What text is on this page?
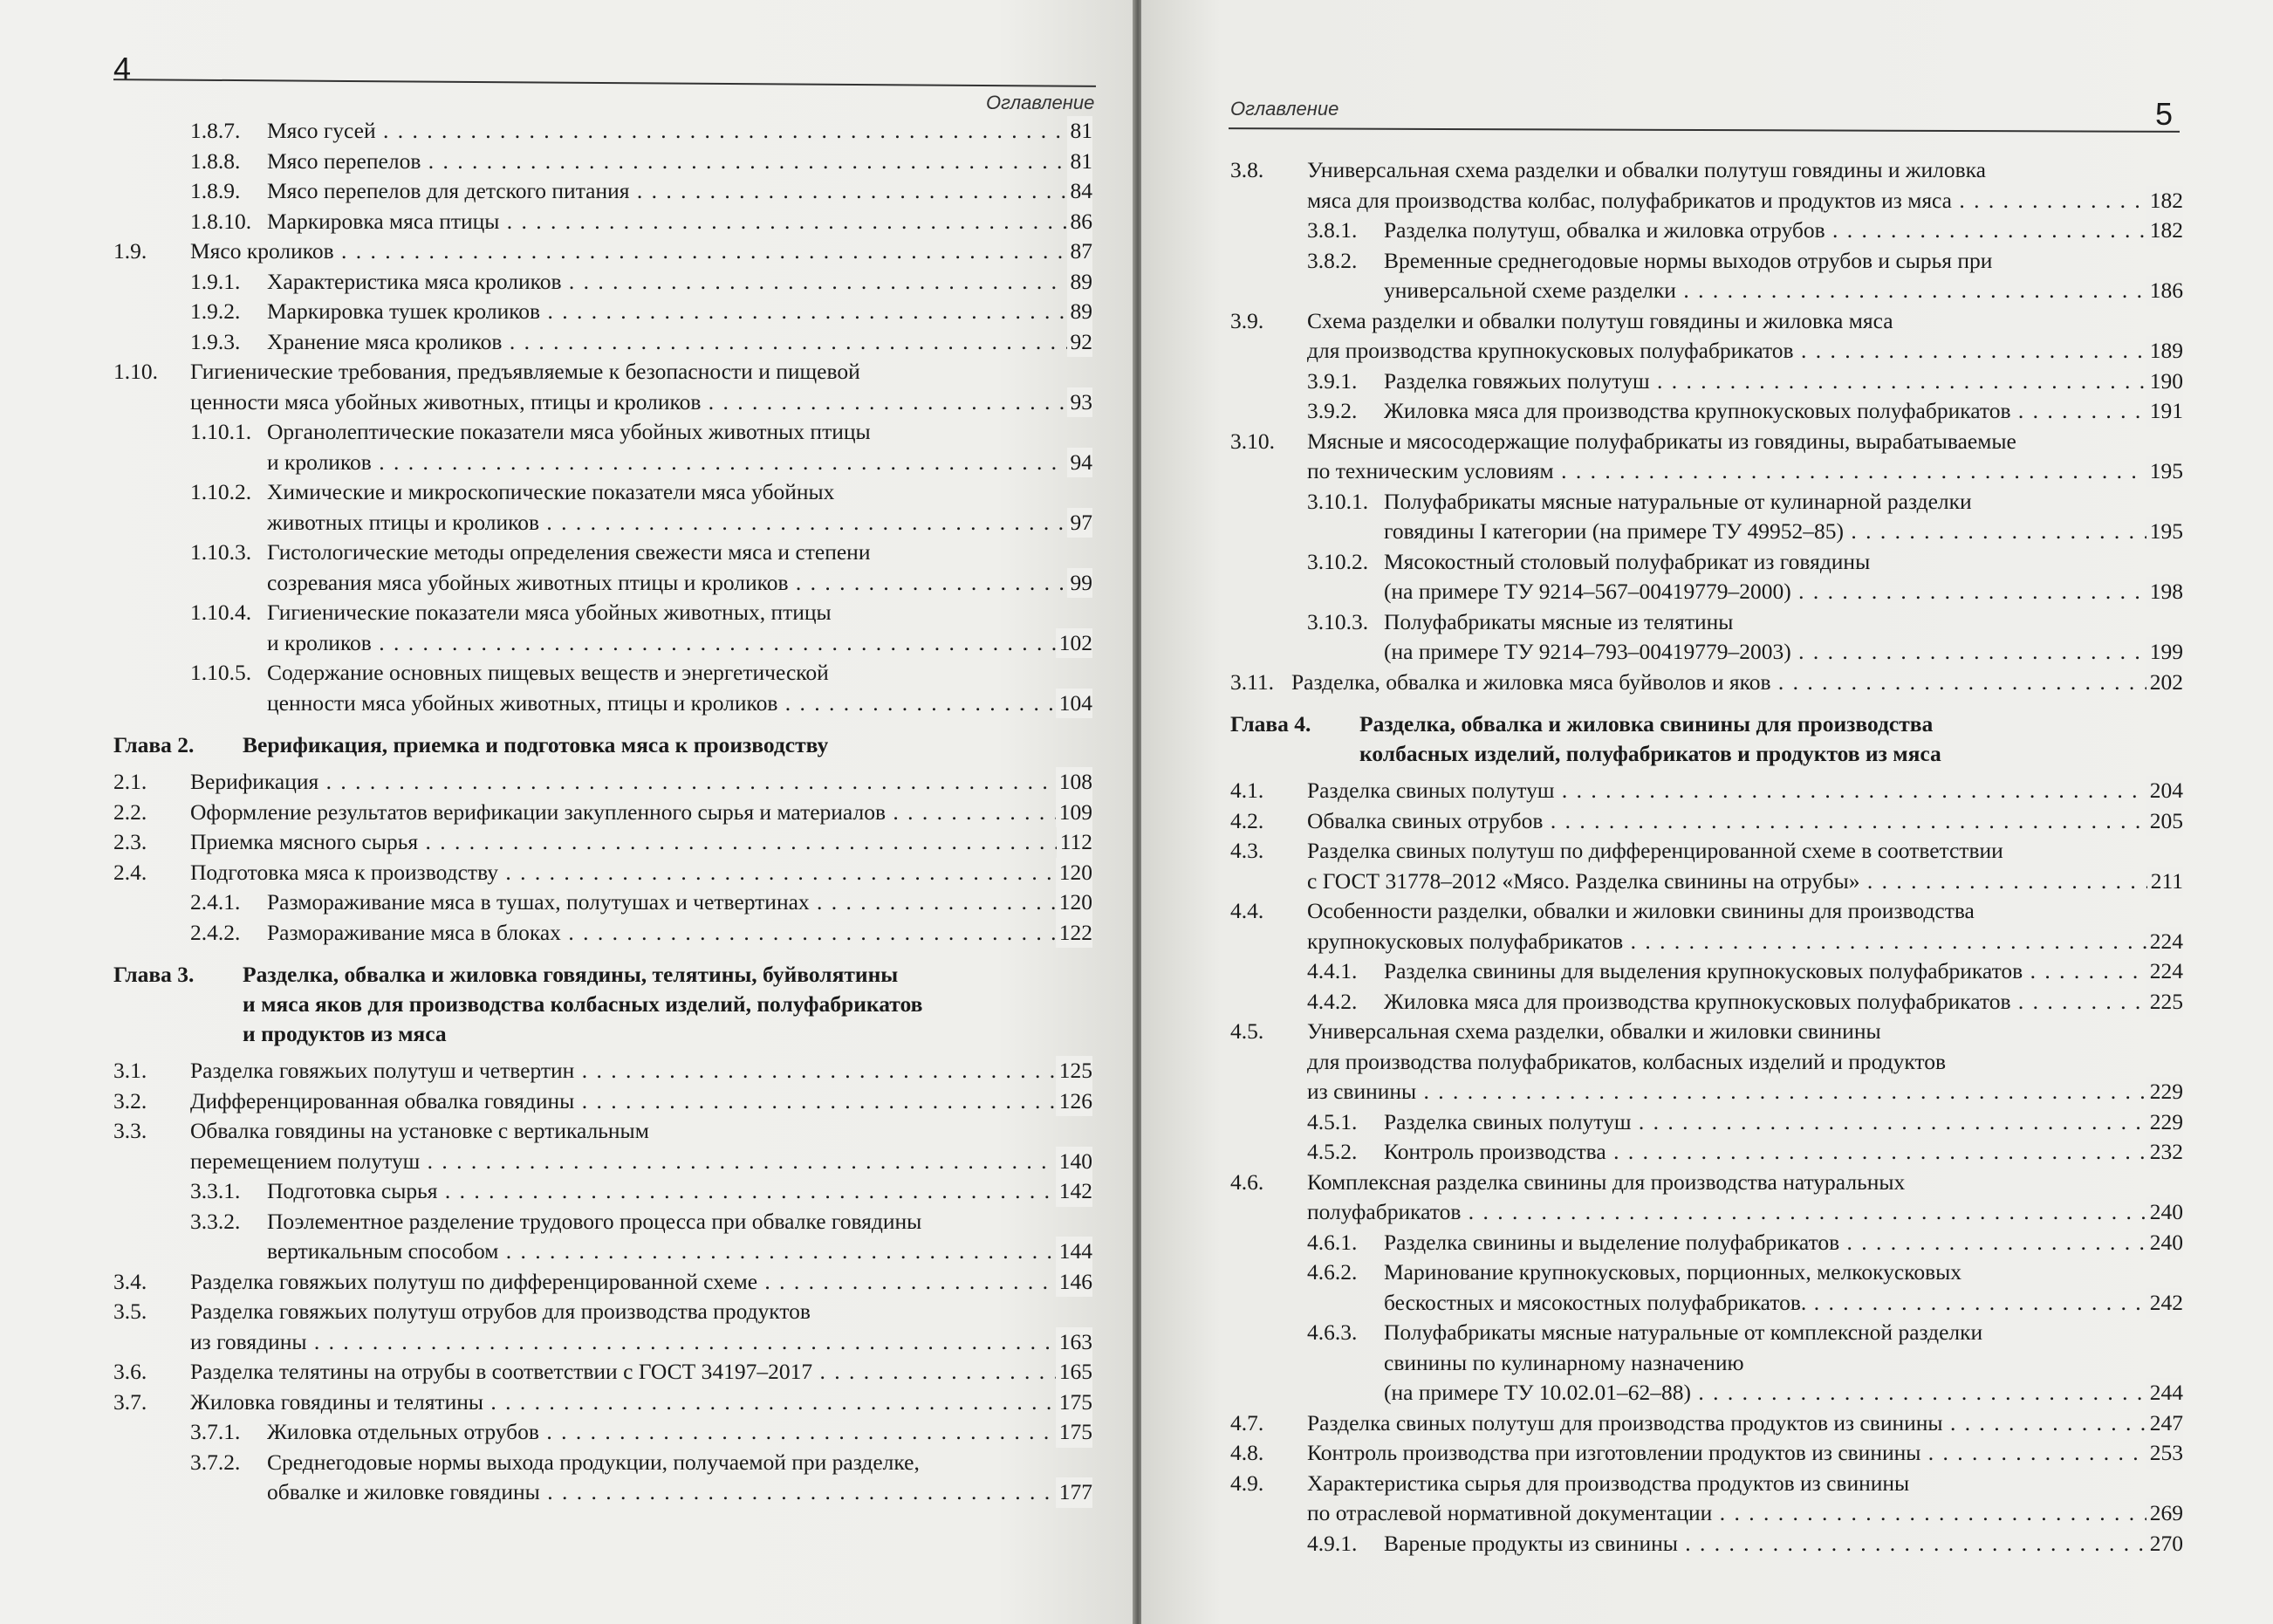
4
Оглавление
1.8.7. Мясо гусей . . .	81
1.8.8. Мясо перепелов . . .	81
1.8.9. Мясо перепелов для детского питания . . .	84
1.8.10. Маркировка мяса птицы . . .	86
1.9. Мясо кроликов . . .	87
1.9.1. Характеристика мяса кроликов . . .	89
1.9.2. Маркировка тушек кроликов . . .	89
1.9.3. Хранение мяса кроликов . . .	92
1.10. Гигиенические требования, предъявляемые к безопасности и пищевой
ценности мяса убойных животных, птицы и кроликов . . .	93
1.10.1. Органолептические показатели мяса убойных животных птицы
и кроликов . . .	94
1.10.2. Химические и микроскопические показатели мяса убойных
животных птицы и кроликов . . .	97
1.10.3. Гистологические методы определения свежести мяса и степени
созревания мяса убойных животных птицы и кроликов . . .	99
1.10.4. Гигиенические показатели мяса убойных животных, птицы
и кроликов . . .	102
1.10.5. Содержание основных пищевых веществ и энергетической
ценности мяса убойных животных, птицы и кроликов . . .	104
Глава 2. Верификация, приемка и подготовка мяса к производству
2.1. Верификация . . .	108
2.2. Оформление результатов верификации закупленного сырья и материалов . . .	109
2.3. Приемка мясного сырья . . .	112
2.4. Подготовка мяса к производству . . .	120
2.4.1. Размораживание мяса в тушах, полутушах и четвертинах . . .	120
2.4.2. Размораживание мяса в блоках . . .	122
Глава 3. Разделка, обвалка и жиловка говядины, телятины, буйволятины
и мяса яков для производства колбасных изделий, полуфабрикатов
и продуктов из мяса
3.1. Разделка говяжьих полутуш и четвертин . . .	125
3.2. Дифференцированная обвалка говядины . . .	126
3.3. Обвалка говядины на установке с вертикальным
перемещением полутуш . . .	140
3.3.1. Подготовка сырья . . .	142
3.3.2. Поэлементное разделение трудового процесса при обвалке говядины
вертикальным способом . . .	144
3.4. Разделка говяжьих полутуш по дифференцированной схеме . . .	146
3.5. Разделка говяжьих полутуш отрубов для производства продуктов
из говядины . . .	163
3.6. Разделка телятины на отрубы в соответствии с ГОСТ 34197–2017 . . .	165
3.7. Жиловка говядины и телятины . . .	175
3.7.1. Жиловка отдельных отрубов . . .	175
3.7.2. Среднегодовые нормы выхода продукции, получаемой при разделке,
обвалке и жиловке говядины . . .	177
Оглавление	5
3.8. Универсальная схема разделки и обвалки полутуш говядины и жиловка
мяса для производства колбас, полуфабрикатов и продуктов из мяса . . .	182
3.8.1. Разделка полутуш, обвалка и жиловка отрубов . . .	182
3.8.2. Временные среднегодовые нормы выходов отрубов и сырья при
универсальной схеме разделки . . .	186
3.9. Схема разделки и обвалки полутуш говядины и жиловка мяса
для производства крупнокусковых полуфабрикатов . . .	189
3.9.1. Разделка говяжьих полутуш . . .	190
3.9.2. Жиловка мяса для производства крупнокусковых полуфабрикатов . . .	191
3.10. Мясные и мясосодержащие полуфабрикаты из говядины, вырабатываемые
по техническим условиям . . .	195
3.10.1. Полуфабрикаты мясные натуральные от кулинарной разделки
говядины I категории (на примере ТУ 49952–85) . . .	195
3.10.2. Мясокостный столовый полуфабрикат из говядины
(на примере ТУ 9214–567–00419779–2000) . . .	198
3.10.3. Полуфабрикаты мясные из телятины
(на примере ТУ 9214–793–00419779–2003) . . .	199
3.11. Разделка, обвалка и жиловка мяса буйволов и яков . . .	202
Глава 4. Разделка, обвалка и жиловка свинины для производства
колбасных изделий, полуфабрикатов и продуктов из мяса
4.1. Разделка свиных полутуш . . .	204
4.2. Обвалка свиных отрубов . . .	205
4.3. Разделка свиных полутуш по дифференцированной схеме в соответствии
с ГОСТ 31778–2012 «Мясо. Разделка свинины на отрубы» . . .	211
4.4. Особенности разделки, обвалки и жиловки свинины для производства
крупнокусковых полуфабрикатов . . .	224
4.4.1. Разделка свинины для выделения крупнокусковых полуфабрикатов . . .	224
4.4.2. Жиловка мяса для производства крупнокусковых полуфабрикатов . . .	225
4.5. Универсальная схема разделки, обвалки и жиловки свинины
для производства полуфабрикатов, колбасных изделий и продуктов
из свинины . . .	229
4.5.1. Разделка свиных полутуш . . .	229
4.5.2. Контроль производства . . .	232
4.6. Комплексная разделка свинины для производства натуральных
полуфабрикатов . . .	240
4.6.1. Разделка свинины и выделение полуфабрикатов . . .	240
4.6.2. Маринование крупнокусковых, порционных, мелкокусковых
бескостных и мясокостных полуфабрикатов. . . .	242
4.6.3. Полуфабрикаты мясные натуральные от комплексной разделки
свинины по кулинарному назначению
(на примере ТУ 10.02.01–62–88) . . .	244
4.7. Разделка свиных полутуш для производства продуктов из свинины . . .	247
4.8. Контроль производства при изготовлении продуктов из свинины . . .	253
4.9. Характеристика сырья для производства продуктов из свинины
по отраслевой нормативной документации . . .	269
4.9.1. Вареные продукты из свинины . . .	270
